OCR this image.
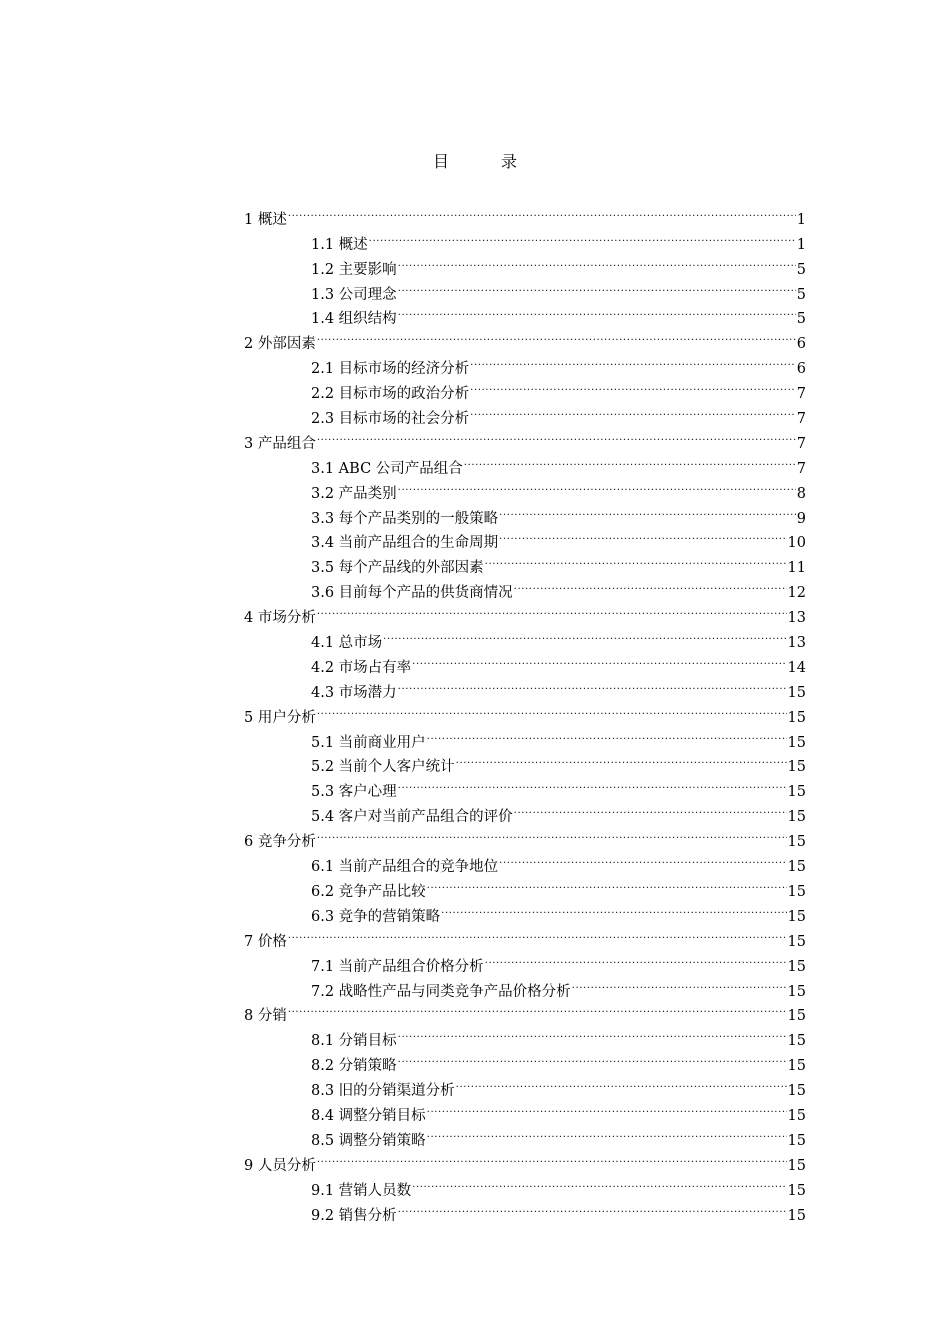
目	录
1 概述 .....	1
1.1 概述 .....	1
1.2 主要影响 .....	5
1.3 公司理念 .....	5
1.4 组织结构 .....	5
2 外部因素 .....	6
2.1 目标市场的经济分析 .....	6
2.2 目标市场的政治分析 .....	7
2.3 目标市场的社会分析 .....	7
3 产品组合 .....	7
3.1 ABC 公司产品组合 .....	7
3.2 产品类别 .....	8
3.3 每个产品类别的一般策略 .....	9
3.4 当前产品组合的生命周期 .....	10
3.5 每个产品线的外部因素 .....	11
3.6 目前每个产品的供货商情况 .....	12
4 市场分析 .....	13
4.1 总市场 .....	13
4.2 市场占有率 .....	14
4.3 市场潜力 .....	15
5 用户分析 .....	15
5.1 当前商业用户 .....	15
5.2 当前个人客户统计 .....	15
5.3 客户心理 .....	15
5.4 客户对当前产品组合的评价 .....	15
6 竞争分析 .....	15
6.1 当前产品组合的竞争地位 .....	15
6.2 竞争产品比较 .....	15
6.3 竞争的营销策略 .....	15
7 价格 .....	15
7.1 当前产品组合价格分析 .....	15
7.2 战略性产品与同类竞争产品价格分析 .....	15
8 分销 .....	15
8.1 分销目标 .....	15
8.2 分销策略 .....	15
8.3 旧的分销渠道分析 .....	15
8.4 调整分销目标 .....	15
8.5 调整分销策略 .....	15
9 人员分析 .....	15
9.1 营销人员数 .....	15
9.2 销售分析 .....	15
